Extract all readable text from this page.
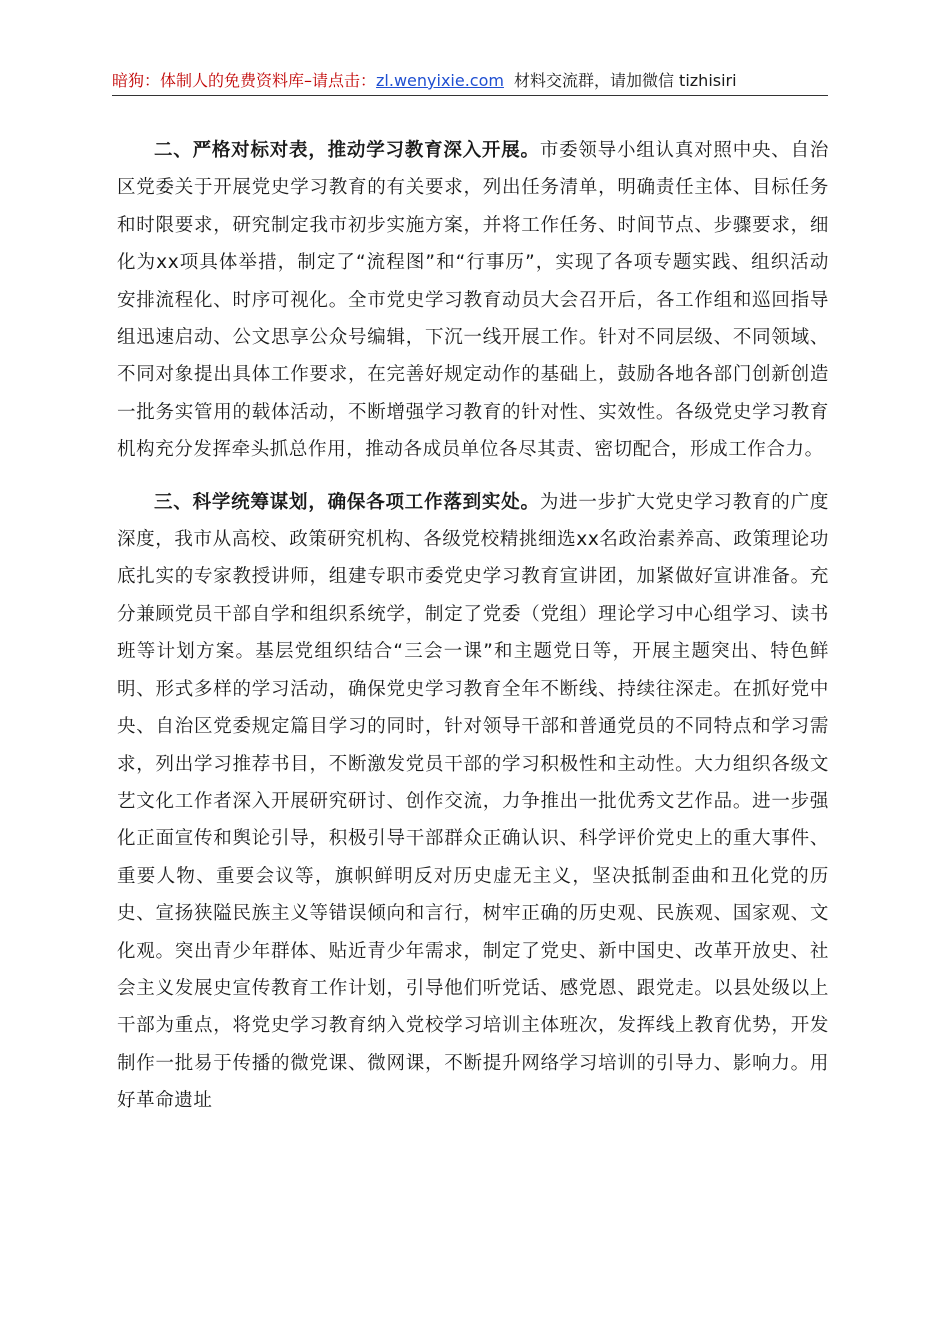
暗狗：体制人的免费资料库–请点击：zl.wenyixie.com 材料交流群，请加微信 tizhisiri

二、严格对标对表，推动学习教育深入开展。市委领导小组认真对照中央、自治区党委关于开展党史学习教育的有关要求，列出任务清单，明确责任主体、目标任务和时限要求，研究制定我市初步实施方案，并将工作任务、时间节点、步骤要求，细化为xx项具体举措，制定了“流程图”和“行事历”，实现了各项专题实践、组织活动安排流程化、时序可视化。全市党史学习教育动员大会召开后，各工作组和巡回指导组迅速启动、公文思享公众号编辑，下沉一线开展工作。针对不同层级、不同领域、不同对象提出具体工作要求，在完善好规定动作的基础上，鼓励各地各部门创新创造一批务实管用的载体活动，不断增强学习教育的针对性、实效性。各级党史学习教育机构充分发挥牵头抓总作用，推动各成员单位各尽其责、密切配合，形成工作合力。

三、科学统筹谋划，确保各项工作落到实处。为进一步扩大党史学习教育的广度深度，我市从高校、政策研究机构、各级党校精挑细选xx名政治素养高、政策理论功底扎实的专家教授讲师，组建专职市委党史学习教育宣讲团，加紧做好宣讲准备。充分兼顾党员干部自学和组织系统学，制定了党委（党组）理论学习中心组学习、读书班等计划方案。基层党组织结合“三会一课”和主题党日等，开展主题突出、特色鲜明、形式多样的学习活动，确保党史学习教育全年不断线、持续往深走。在抓好党中央、自治区党委规定篇目学习的同时，针对领导干部和普通党员的不同特点和学习需求，列出学习推荐书目，不断激发党员干部的学习积极性和主动性。大力组织各级文艺文化工作者深入开展研究研讨、创作交流，力争推出一批优秀文艺作品。进一步强化正面宣传和舆论引导，积极引导干部群众正确认识、科学评价党史上的重大事件、重要人物、重要会议等，旗帜鲜明反对历史虚无主义，坚决抵制歪曲和丑化党的历史、宣扬狭隘民族主义等错误倾向和言行，树牢正确的历史观、民族观、国家观、文化观。突出青少年群体、贴近青少年需求，制定了党史、新中国史、改革开放史、社会主义发展史宣传教育工作计划，引导他们听党话、感党恩、跟党走。以县处级以上干部为重点，将党史学习教育纳入党校学习培训主体班次，发挥线上教育优势，开发制作一批易于传播的微党课、微网课，不断提升网络学习培训的引导力、影响力。用好革命遗址
